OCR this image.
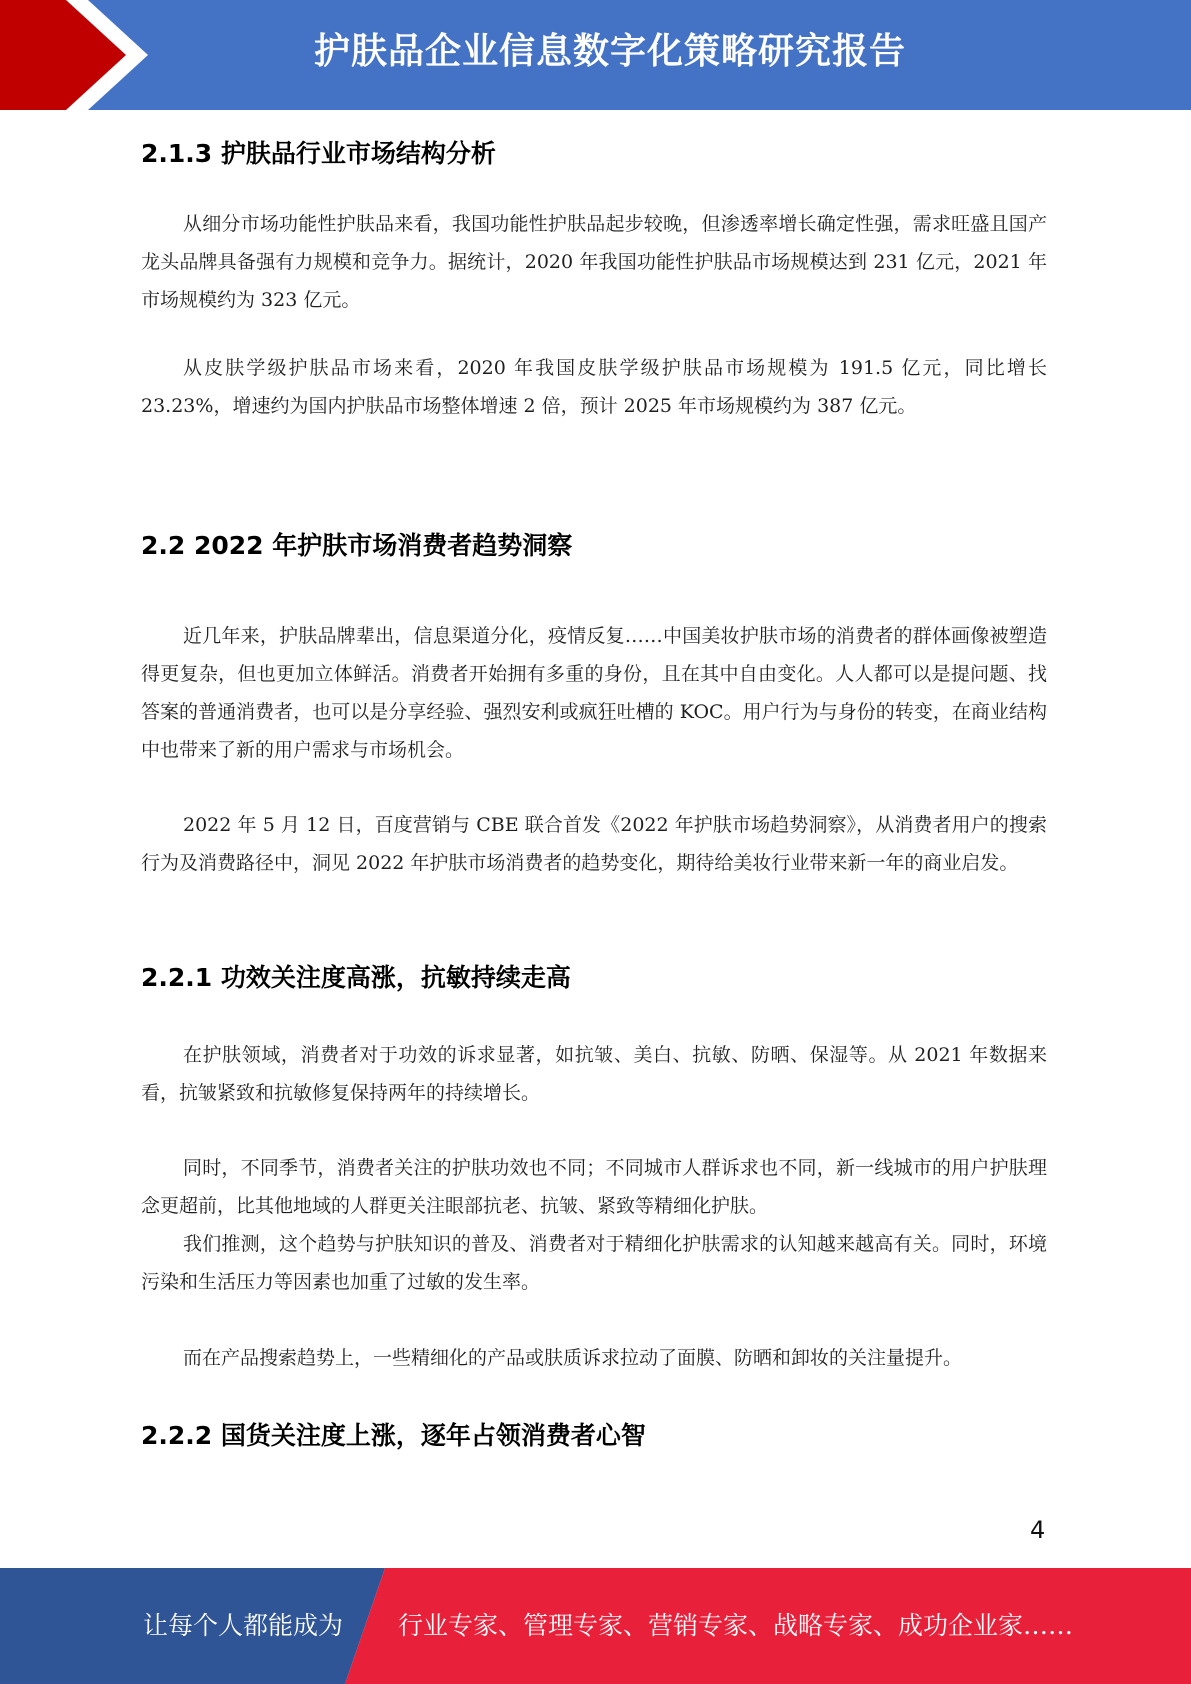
护肤品企业信息数字化策略研究报告
2.1.3 护肤品行业市场结构分析

从细分市场功能性护肤品来看，我国功能性护肤品起步较晚，但渗透率增长确定性强，需求旺盛且国产龙头品牌具备强有力规模和竞争力。据统计，2020 年我国功能性护肤品市场规模达到 231 亿元，2021 年市场规模约为 323 亿元。

从皮肤学级护肤品市场来看，2020 年我国皮肤学级护肤品市场规模为 191.5 亿元，同比增长 23.23%，增速约为国内护肤品市场整体增速 2 倍，预计 2025 年市场规模约为 387 亿元。

2.2 2022 年护肤市场消费者趋势洞察

近几年来，护肤品牌辈出，信息渠道分化，疫情反复……中国美妆护肤市场的消费者的群体画像被塑造得更复杂，但也更加立体鲜活。消费者开始拥有多重的身份，且在其中自由变化。人人都可以是提问题、找答案的普通消费者，也可以是分享经验、强烈安利或疯狂吐槽的 KOC。用户行为与身份的转变，在商业结构中也带来了新的用户需求与市场机会。

2022 年 5 月 12 日，百度营销与 CBE 联合首发《2022 年护肤市场趋势洞察》，从消费者用户的搜索行为及消费路径中，洞见 2022 年护肤市场消费者的趋势变化，期待给美妆行业带来新一年的商业启发。

2.2.1 功效关注度高涨，抗敏持续走高

在护肤领域，消费者对于功效的诉求显著，如抗皱、美白、抗敏、防晒、保湿等。从 2021 年数据来看，抗皱紧致和抗敏修复保持两年的持续增长。

同时，不同季节，消费者关注的护肤功效也不同；不同城市人群诉求也不同，新一线城市的用户护肤理念更超前，比其他地域的人群更关注眼部抗老、抗皱、紧致等精细化护肤。

我们推测，这个趋势与护肤知识的普及、消费者对于精细化护肤需求的认知越来越高有关。同时，环境污染和生活压力等因素也加重了过敏的发生率。

而在产品搜索趋势上，一些精细化的产品或肤质诉求拉动了面膜、防晒和卸妆的关注量提升。

2.2.2 国货关注度上涨，逐年占领消费者心智
4
让每个人都能成为 行业专家、管理专家、营销专家、战略专家、成功企业家……
